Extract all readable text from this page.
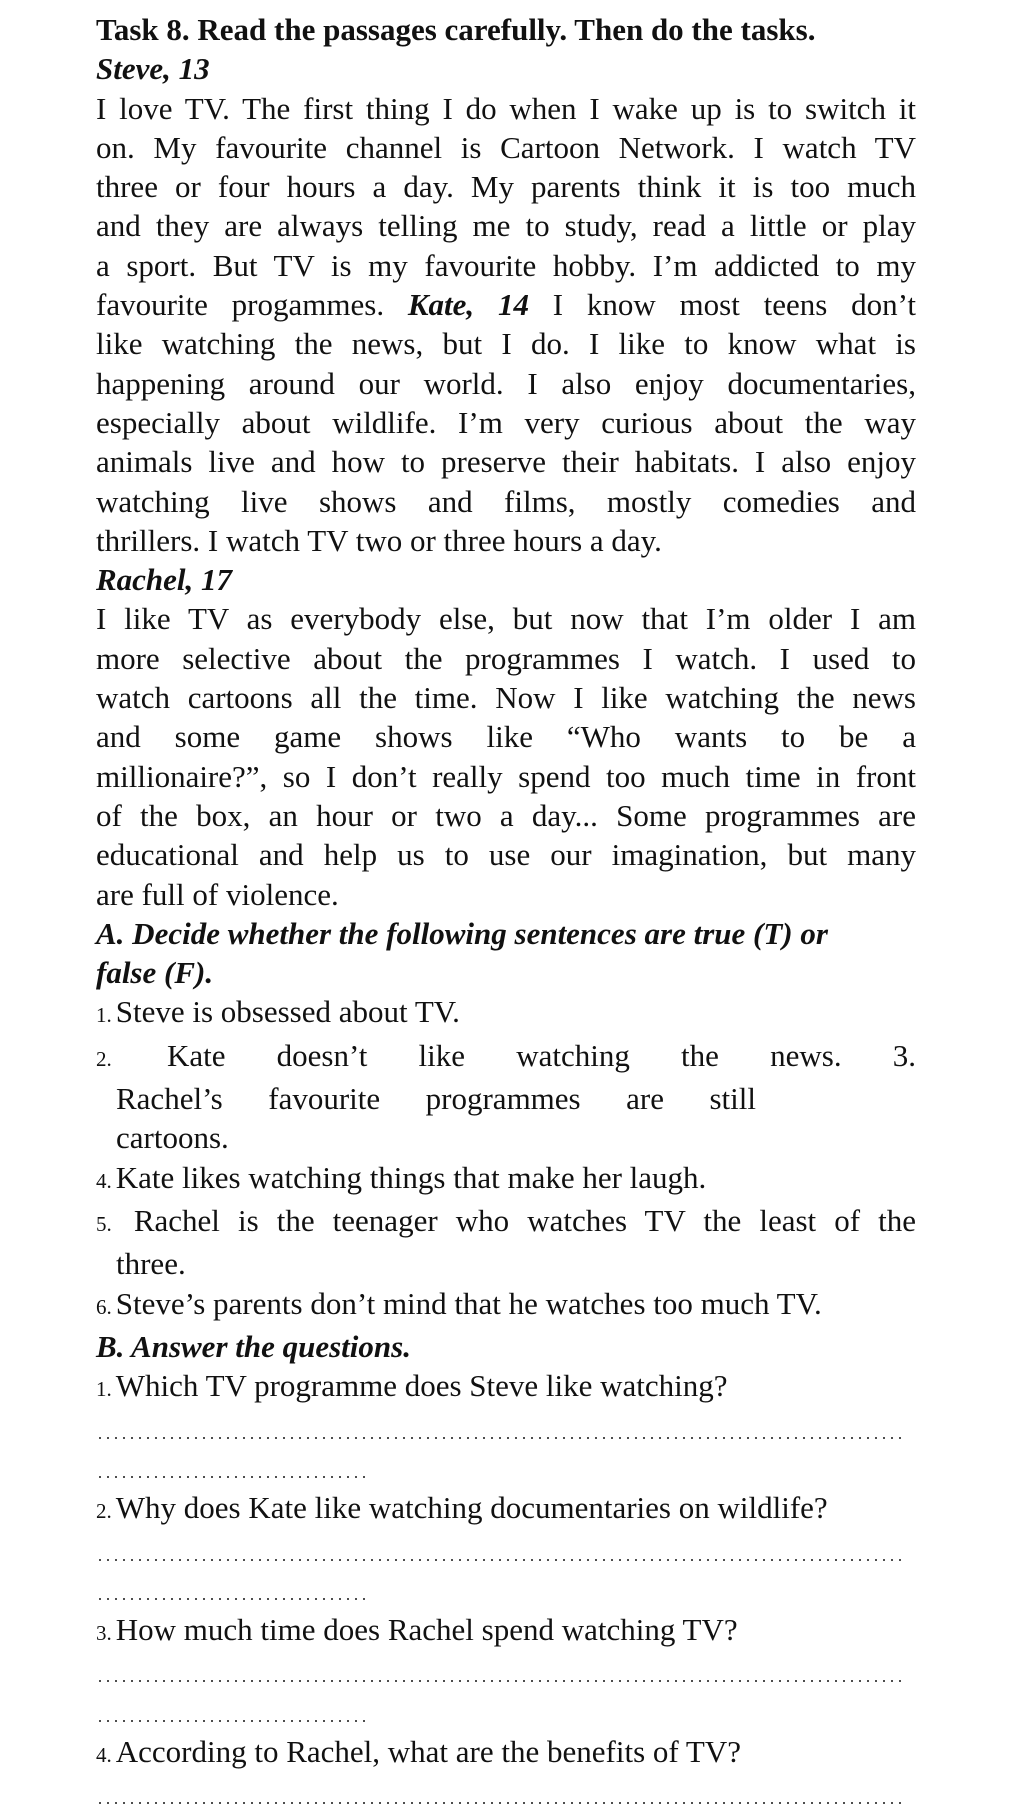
Task 8. Read the passages carefully. Then do the tasks.
Steve, 13
I love TV. The first thing I do when I wake up is to switch it
on. My favourite channel is Cartoon Network. I watch TV
three or four hours a day. My parents think it is too much
and they are always telling me to study, read a little or play
a sport. But TV is my favourite hobby. I’m addicted to my
favourite progammes. Kate, 14 I know most teens don’t
like watching the news, but I do. I like to know what is
happening around our world. I also enjoy documentaries,
especially about wildlife. I’m very curious about the way
animals live and how to preserve their habitats. I also enjoy
watching live shows and films, mostly comedies and
thrillers. I watch TV two or three hours a day.
Rachel, 17
I like TV as everybody else, but now that I’m older I am
more selective about the programmes I watch. I used to
watch cartoons all the time. Now I like watching the news
and some game shows like “Who wants to be a
millionaire?”, so I don’t really spend too much time in front
of the box, an hour or two a day... Some programmes are
educational and help us to use our imagination, but many
are full of violence.
A. Decide whether the following sentences are true (T) or
false (F).
1. Steve is obsessed about TV.
2. Kate doesn’t like watching the news. 3.
Rachel’s favourite programmes are still
cartoons.
4. Kate likes watching things that make her laugh.
5. Rachel is the teenager who watches TV the least of the
three.
6. Steve’s parents don’t mind that he watches too much TV.
B. Answer the questions.
1. Which TV programme does Steve like watching?
2. Why does Kate like watching documentaries on wildlife?
3. How much time does Rachel spend watching TV?
4. According to Rachel, what are the benefits of TV?
